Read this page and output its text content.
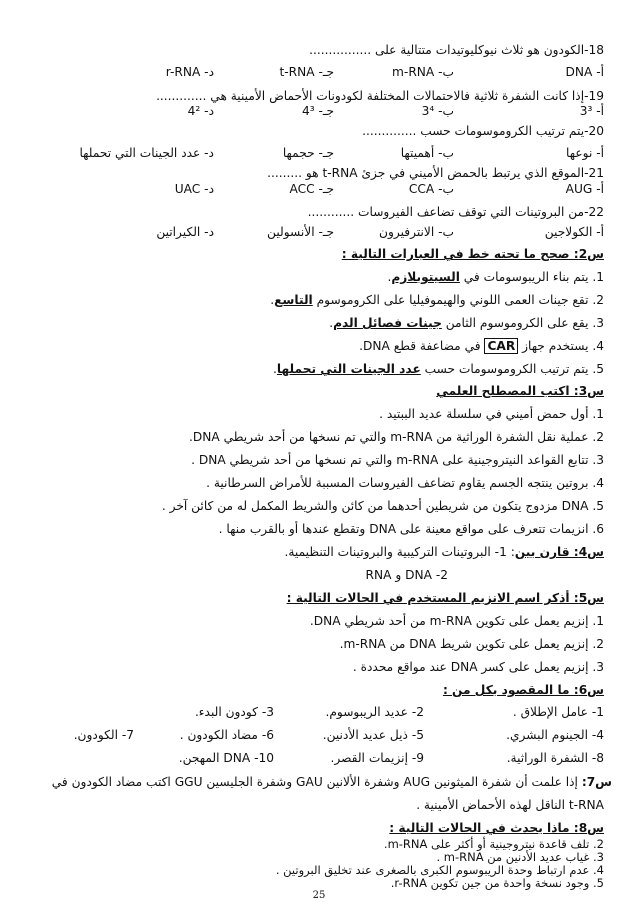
18-الكودون هو ثلاث نيوكليوتيدات متتالية على ................
أ- DNA
ب- m-RNA
جـ- t-RNA
د- r-RNA
19-إذا كانت الشفرة ثلاثية فالاحتمالات المختلفة لكودونات الأحماض الأمينية هي .............
أ- 3³
ب- 3⁴
جـ- 4³
د- 4²
20-يتم ترتيب الكروموسومات حسب ..............
أ- نوعها
ب- أهميتها
جـ- حجمها
د- عدد الجينات التي تحملها
21-الموقع الذي يرتبط بالحمض الأميني في جزئ t-RNA هو .........
أ- AUG
ب- CCA
جـ- ACC
د- UAC
22-من البروتينات التي توقف تضاعف الفيروسات ............
أ- الكولاجين
ب- الانترفيرون
جـ- الأنسولين
د- الكيراتين
س2: صحح ما تحته خط في العبارات التالية :
1. يتم بناء الريبوسومات في السيتوبلازم.
2. تقع جينات العمى اللوني والهيموفيليا على الكروموسوم التاسع.
3. يقع على الكروموسوم الثامن جينات فصائل الدم.
4. يستخدم جهاز CAR في مضاعفة قطع DNA.
5. يتم ترتيب الكروموسومات حسب عدد الجينات التي تحملها.
س3: اكتب المصطلح العلمي
1. أول حمض أميني في سلسلة عديد الببتيد .
2. عملية نقل الشفرة الوراثية من m-RNA والتي تم نسخها من أحد شريطي DNA.
3. تتابع القواعد النيتروجينية على m-RNA والتي تم نسخها من أحد شريطي DNA .
4. بروتين ينتجه الجسم يقاوم تضاعف الفيروسات المسببة للأمراض السرطانية .
5. DNA مزدوج يتكون من شريطين أحدهما من كائن والشريط المكمل له من كائن آخر .
6. انزيمات تتعرف على مواقع معينة على DNA وتقطع عندها أو بالقرب منها .
س4: قارن بين: 1- البروتينات التركيبية والبروتينات التنظيمية.
DNA -2 و RNA
س5: أذكر اسم الانزيم المستخدم في الحالات التالية :
1. إنزيم يعمل على تكوين m-RNA من أحد شريطي DNA.
2. إنزيم يعمل على تكوين شريط DNA من m-RNA.
3. إنزيم يعمل على كسر DNA عند مواقع محددة .
س6: ما المقصود بكل من :
1- عامل الإطلاق .
2- عديد الريبوسوم.
3- كودون البدء.
4- الجينوم البشري.
5- ذيل عديد الأدنين.
6- مضاد الكودون .
7- الكودون.
8- الشفرة الوراثية.
9- إنزيمات القصر.
10- DNA المهجن.
س7: إذا علمت أن شفرة الميثونين AUG وشفرة الألانين GAU وشفرة الجليسين GGU اكتب مضاد الكودون في
t-RNA الناقل لهذه الأحماض الأمينية .
س8: ماذا يحدث في الحالات التالية :
2. تلف قاعدة نيتروجينية أو أكثر على m-RNA.
3. غياب عديد الأدنين من m-RNA .
4. عدم ارتباط وحدة الريبوسوم الكبرى بالصغرى عند تخليق البروتين .
25
5. وجود نسخة واحدة من جين تكوين r-RNA.
